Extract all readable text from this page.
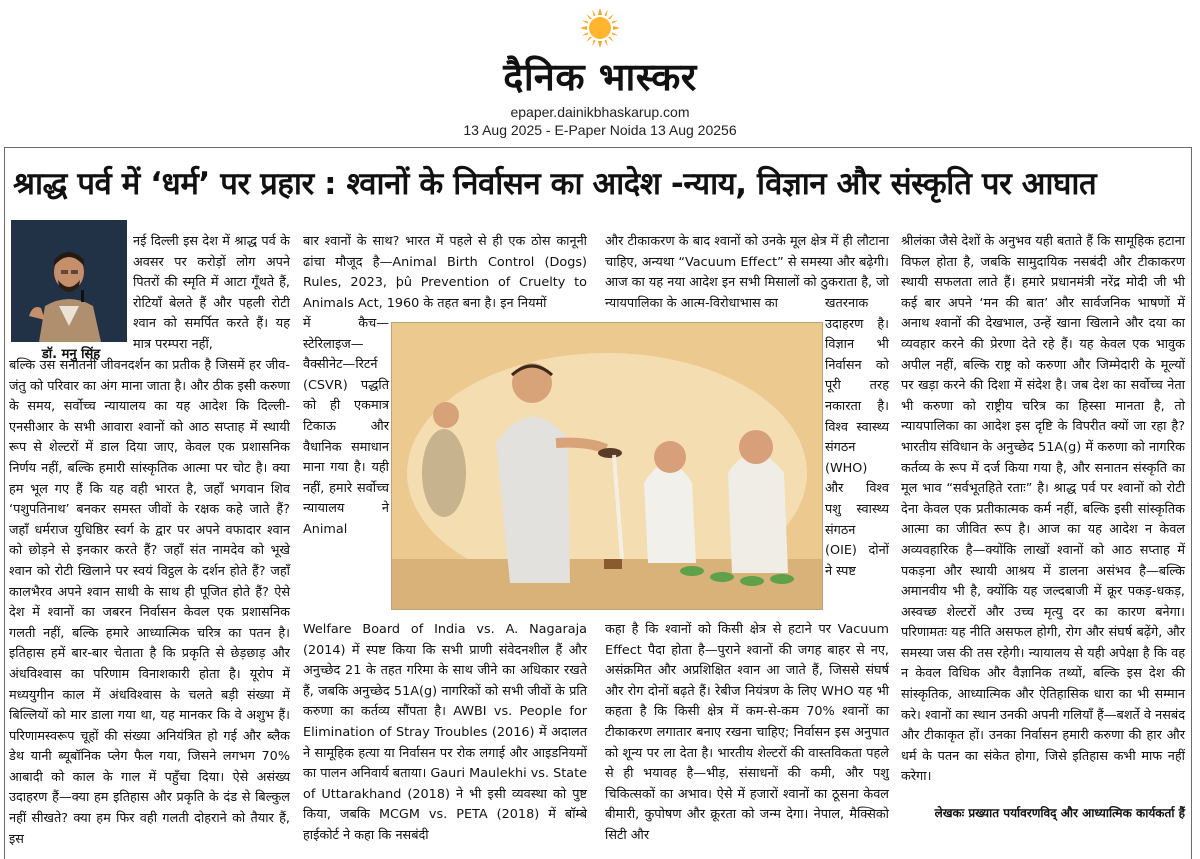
दैनिक भास्कर
epaper.dainikbhaskarup.com
13 Aug 2025 - E-Paper Noida 13 Aug 20256
श्राद्ध पर्व में ‘धर्म’ पर प्रहार : श्वानों के निर्वासन का आदेश -न्याय, विज्ञान और संस्कृति पर आघात
डॉ. मनु सिंह

नई दिल्ली इस देश में श्राद्ध पर्व के अवसर पर करोड़ों लोग अपने पितरों की स्मृति में आटा गूँथते हैं, रोटियाँ बेलते हैं और पहली रोटी श्वान को समर्पित करते हैं। यह मात्र परम्परा नहीं,

बल्कि उस सनातनी जीवनदर्शन का प्रतीक है जिसमें हर जीव-जंतु को परिवार का अंग माना जाता है। और ठीक इसी करुणा के समय, सर्वोच्च न्यायालय का यह आदेश कि दिल्ली-एनसीआर के सभी आवारा श्वानों को आठ सप्ताह में स्थायी रूप से शेल्टरों में डाल दिया जाए, केवल एक प्रशासनिक निर्णय नहीं, बल्कि हमारी सांस्कृतिक आत्मा पर चोट है। क्या हम भूल गए हैं कि यह वही भारत है, जहाँ भगवान शिव ‘पशुपतिनाथ’ बनकर समस्त जीवों के रक्षक कहे जाते हैं? जहाँ धर्मराज युधिष्ठिर स्वर्ग के द्वार पर अपने वफादार श्वान को छोड़ने से इनकार करते हैं? जहाँ संत नामदेव को भूखे श्वान को रोटी खिलाने पर स्वयं विट्ठल के दर्शन होते हैं? जहाँ कालभैरव अपने श्वान साथी के साथ ही पूजित होते हैं? ऐसे देश में श्वानों का जबरन निर्वासन केवल एक प्रशासनिक गलती नहीं, बल्कि हमारे आध्यात्मिक चरित्र का पतन है। इतिहास हमें बार-बार चेताता है कि प्रकृति से छेड़छाड़ और अंधविश्वास का परिणाम विनाशकारी होता है। यूरोप में मध्ययुगीन काल में अंधविश्वास के चलते बड़ी संख्या में बिल्लियों को मार डाला गया था, यह मानकर कि वे अशुभ हैं। परिणामस्वरूप चूहों की संख्या अनियंत्रित हो गई और ब्लैक डेथ यानी ब्यूबॉनिक प्लेग फैल गया, जिसने लगभग 70% आबादी को काल के गाल में पहुँचा दिया। ऐसे असंख्य उदाहरण हैं—क्या हम इतिहास और प्रकृति के दंड से बिल्कुल नहीं सीखते? क्या हम फिर वही गलती दोहराने को तैयार हैं, इस

बार श्वानों के साथ? भारत में पहले से ही एक ठोस कानूनी ढांचा मौजूद है—Animal Birth Control (Dogs) Rules, 2023, þû Prevention of Cruelty to Animals Act, 1960 के तहत बना है। इन नियमों

में कैच—स्टेरिलाइज—वैक्सीनेट—रिटर्न (CSVR) पद्धति को ही एकमात्र टिकाऊ और वैधानिक समाधान माना गया है। यही नहीं, हमारे सर्वोच्च न्यायालय ने Animal

Welfare Board of India vs. A. Nagaraja (2014) में स्पष्ट किया कि सभी प्राणी संवेदनशील हैं और अनुच्छेद 21 के तहत गरिमा के साथ जीने का अधिकार रखते हैं, जबकि अनुच्छेद 51A(g) नागरिकों को सभी जीवों के प्रति करुणा का कर्तव्य सौंपता है। AWBI vs. People for Elimination of Stray Troubles (2016) में अदालत ने सामूहिक हत्या या निर्वासन पर रोक लगाई और आइडनियमों का पालन अनिवार्य बताया। Gauri Maulekhi vs. State of Uttarakhand (2018) ने भी इसी व्यवस्था को पुष्ट किया, जबकि MCGM vs. PETA (2018) में बॉम्बे हाईकोर्ट ने कहा कि नसबंदी

और टीकाकरण के बाद श्वानों को उनके मूल क्षेत्र में ही लौटाना चाहिए, अन्यथा “Vacuum Effect” से समस्या और बढ़ेगी। आज का यह नया आदेश इन सभी मिसालों को ठुकराता है, जो न्यायपालिका के आत्म-विरोधाभास का	खतरनाक उदाहरण है। विज्ञान भी निर्वासन को पूरी तरह नकारता है। विश्व स्वास्थ्य संगठन (WHO) और विश्व पशु स्वास्थ्य संगठन (OIE) दोनों ने स्पष्ट

कहा है कि श्वानों को किसी क्षेत्र से हटाने पर Vacuum Effect पैदा होता है—पुराने श्वानों की जगह बाहर से नए, असंक्रमित और अप्रशिक्षित श्वान आ जाते हैं, जिससे संघर्ष और रोग दोनों बढ़ते हैं। रेबीज नियंत्रण के लिए WHO यह भी कहता है कि किसी क्षेत्र में कम-से-कम 70% श्वानों का टीकाकरण लगातार बनाए रखना चाहिए; निर्वासन इस अनुपात को शून्य पर ला देता है। भारतीय शेल्टरों की वास्तविकता पहले से ही भयावह है—भीड़, संसाधनों की कमी, और पशु चिकित्सकों का अभाव। ऐसे में हजारों श्वानों का ठूसना केवल बीमारी, कुपोषण और क्रूरता को जन्म देगा। नेपाल, मैक्सिको सिटी और

श्रीलंका जैसे देशों के अनुभव यही बताते हैं कि सामूहिक हटाना विफल होता है, जबकि सामुदायिक नसबंदी और टीकाकरण स्थायी सफलता लाते हैं। हमारे प्रधानमंत्री नरेंद्र मोदी जी भी कई बार अपने ‘मन की बात’ और सार्वजनिक भाषणों में अनाथ श्वानों की देखभाल, उन्हें खाना खिलाने और दया का व्यवहार करने की प्रेरणा देते रहे हैं। यह केवल एक भावुक अपील नहीं, बल्कि राष्ट्र को करुणा और जिम्मेदारी के मूल्यों पर खड़ा करने की दिशा में संदेश है। जब देश का सर्वोच्च नेता भी करुणा को राष्ट्रीय चरित्र का हिस्सा मानता है, तो न्यायपालिका का आदेश इस दृष्टि के विपरीत क्यों जा रहा है? भारतीय संविधान के अनुच्छेद 51A(g) में करुणा को नागरिक कर्तव्य के रूप में दर्ज किया गया है, और सनातन संस्कृति का मूल भाव “सर्वभूतहिते रताः” है। श्राद्ध पर्व पर श्वानों को रोटी देना केवल एक प्रतीकात्मक कर्म नहीं, बल्कि इसी सांस्कृतिक आत्मा का जीवित रूप है। आज का यह आदेश न केवल अव्यवहारिक है—क्योंकि लाखों श्वानों को आठ सप्ताह में पकड़ना और स्थायी आश्रय में डालना असंभव है—बल्कि अमानवीय भी है, क्योंकि यह जल्दबाजी में क्रूर पकड़-धकड़, अस्वच्छ शेल्टरों और उच्च मृत्यु दर का कारण बनेगा। परिणामतः यह नीति असफल होगी, रोग और संघर्ष बढ़ेंगे, और समस्या जस की तस रहेगी। न्यायालय से यही अपेक्षा है कि वह न केवल विधिक और वैज्ञानिक तथ्यों, बल्कि इस देश की सांस्कृतिक, आध्यात्मिक और ऐतिहासिक धारा का भी सम्मान करे। श्वानों का स्थान उनकी अपनी गलियाँ हैं—बशर्ते वे नसबंद और टीकाकृत हों। उनका निर्वासन हमारी करुणा की हार और धर्म के पतन का संकेत होगा, जिसे इतिहास कभी माफ नहीं करेगा।

लेखकः प्रख्यात पर्यावरणविद् और आध्यात्मिक कार्यकर्ता हैं
